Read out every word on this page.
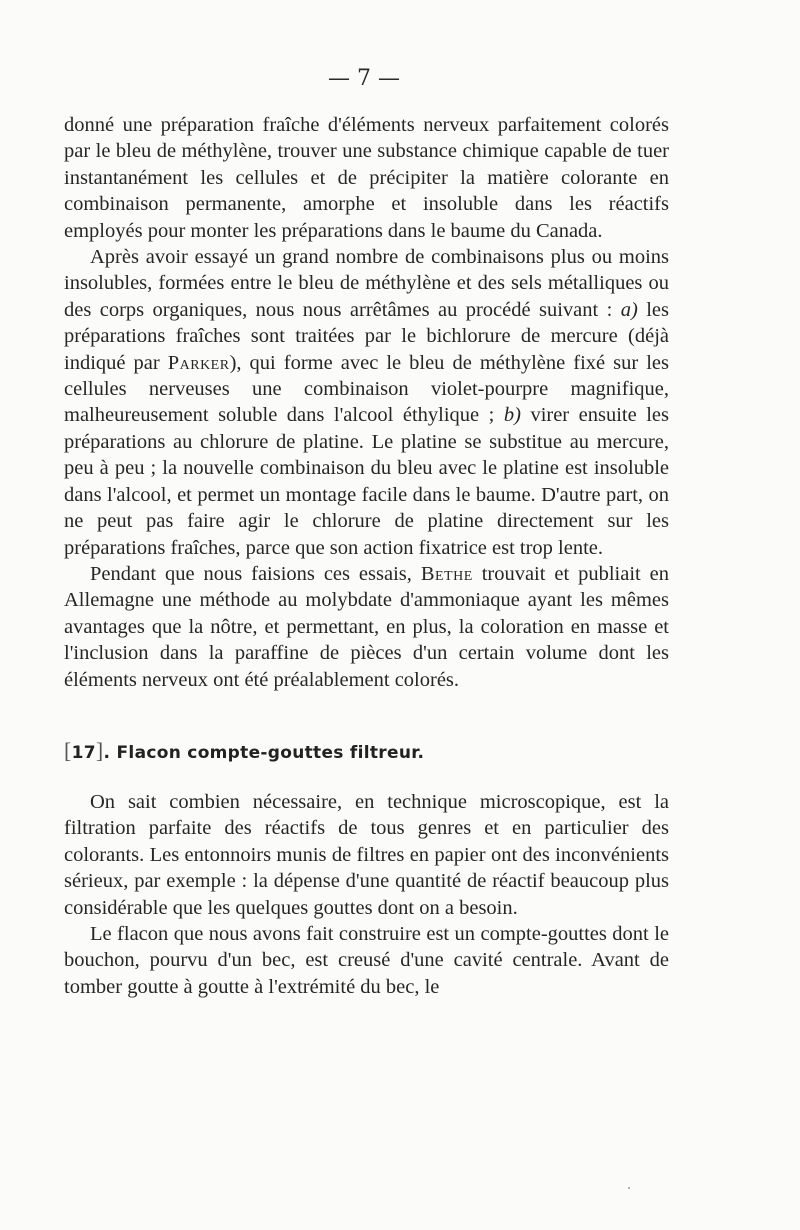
— 7 —

donné une préparation fraîche d'éléments nerveux parfaitement colorés par le bleu de méthylène, trouver une substance chimique capable de tuer instantanément les cellules et de précipiter la matière colorante en combinaison permanente, amorphe et insoluble dans les réactifs employés pour monter les préparations dans le baume du Canada.

Après avoir essayé un grand nombre de combinaisons plus ou moins insolubles, formées entre le bleu de méthylène et des sels métalliques ou des corps organiques, nous nous arrêtâmes au procédé suivant : a) les préparations fraîches sont traitées par le bichlorure de mercure (déjà indiqué par Parker), qui forme avec le bleu de méthylène fixé sur les cellules nerveuses une combinaison violet-pourpre magnifique, malheureusement soluble dans l'alcool éthylique ; b) virer ensuite les préparations au chlorure de platine. Le platine se substitue au mercure, peu à peu ; la nouvelle combinaison du bleu avec le platine est insoluble dans l'alcool, et permet un montage facile dans le baume. D'autre part, on ne peut pas faire agir le chlorure de platine directement sur les préparations fraîches, parce que son action fixatrice est trop lente.

Pendant que nous faisions ces essais, Bethe trouvait et publiait en Allemagne une méthode au molybdate d'ammoniaque ayant les mêmes avantages que la nôtre, et permettant, en plus, la coloration en masse et l'inclusion dans la paraffine de pièces d'un certain volume dont les éléments nerveux ont été préalablement colorés.

[17]. Flacon compte-gouttes filtreur.

On sait combien nécessaire, en technique microscopique, est la filtration parfaite des réactifs de tous genres et en particulier des colorants. Les entonnoirs munis de filtres en papier ont des inconvénients sérieux, par exemple : la dépense d'une quantité de réactif beaucoup plus considérable que les quelques gouttes dont on a besoin.

Le flacon que nous avons fait construire est un compte-gouttes dont le bouchon, pourvu d'un bec, est creusé d'une cavité centrale. Avant de tomber goutte à goutte à l'extrémité du bec, le
